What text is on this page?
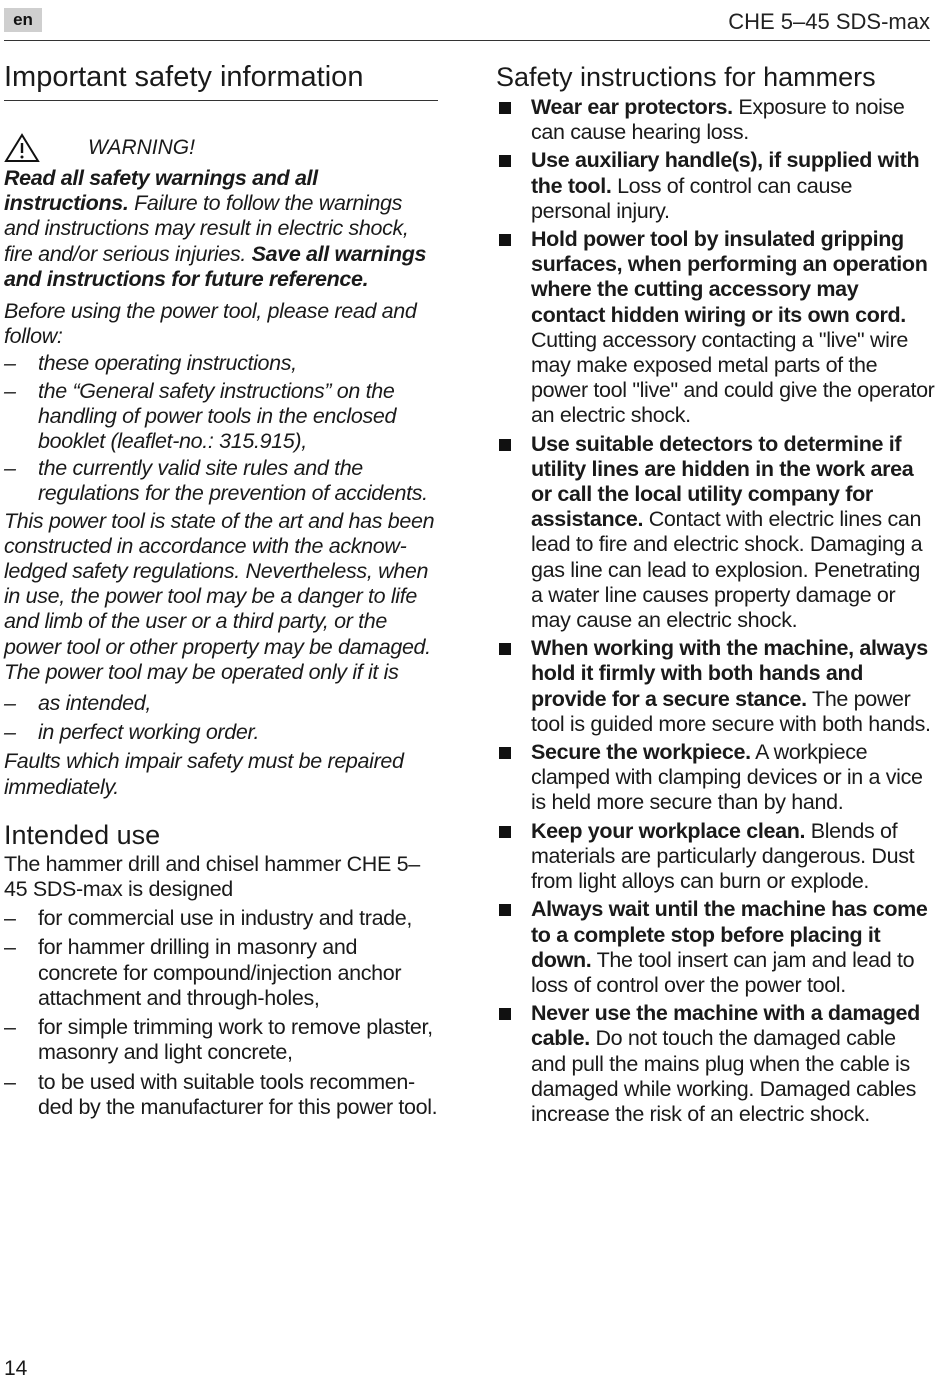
en	CHE 5–45 SDS-max
Important safety information
WARNING!

Read all safety warnings and all instructions. Failure to follow the warnings and instructions may result in electric shock, fire and/or serious injuries. Save all warnings and instructions for future reference.

Before using the power tool, please read and follow:

– these operating instructions,
– the “General safety instructions” on the handling of power tools in the enclosed booklet (leaflet-no.: 315.915),
– the currently valid site rules and the regulations for the prevention of accidents.

This power tool is state of the art and has been constructed in accordance with the acknow-ledged safety regulations. Nevertheless, when in use, the power tool may be a danger to life and limb of the user or a third party, or the power tool or other property may be damaged. The power tool may be operated only if it is

– as intended,
– in perfect working order.

Faults which impair safety must be repaired immediately.

Intended use

The hammer drill and chisel hammer CHE 5–45 SDS-max is designed

– for commercial use in industry and trade,
– for hammer drilling in masonry and concrete for compound/injection anchor attachment and through-holes,
– for simple trimming work to remove plaster, masonry and light concrete,
– to be used with suitable tools recommen-ded by the manufacturer for this power tool.
Safety instructions for hammers
Wear ear protectors. Exposure to noise can cause hearing loss.
Use auxiliary handle(s), if supplied with the tool. Loss of control can cause personal injury.
Hold power tool by insulated gripping surfaces, when performing an operation where the cutting accessory may contact hidden wiring or its own cord. Cutting accessory contacting a "live" wire may make exposed metal parts of the power tool "live" and could give the operator an electric shock.
Use suitable detectors to determine if utility lines are hidden in the work area or call the local utility company for assistance. Contact with electric lines can lead to fire and electric shock. Damaging a gas line can lead to explosion. Penetrating a water line causes property damage or may cause an electric shock.
When working with the machine, always hold it firmly with both hands and provide for a secure stance. The power tool is guided more secure with both hands.
Secure the workpiece. A workpiece clamped with clamping devices or in a vice is held more secure than by hand.
Keep your workplace clean. Blends of materials are particularly dangerous. Dust from light alloys can burn or explode.
Always wait until the machine has come to a complete stop before placing it down. The tool insert can jam and lead to loss of control over the power tool.
Never use the machine with a damaged cable. Do not touch the damaged cable and pull the mains plug when the cable is damaged while working. Damaged cables increase the risk of an electric shock.
14
